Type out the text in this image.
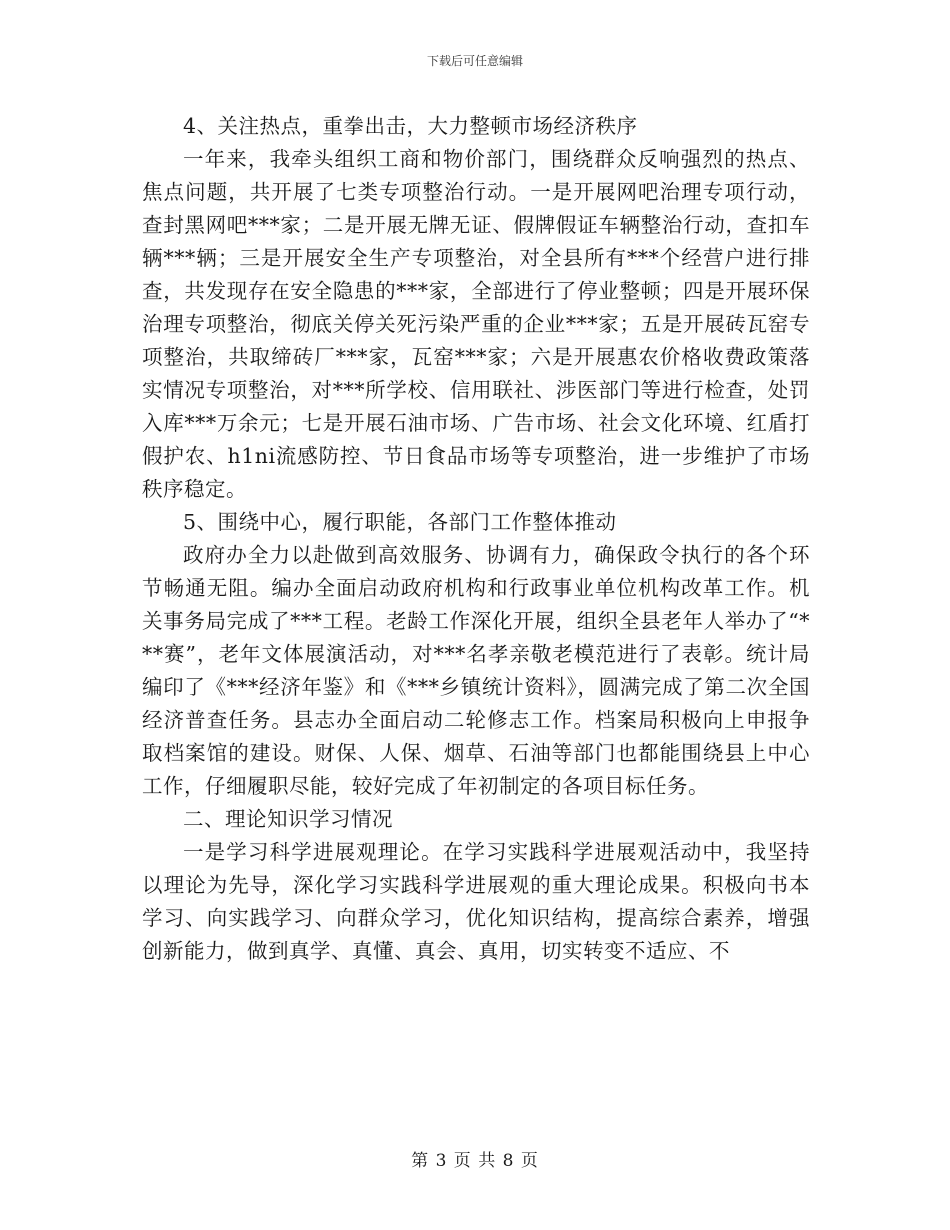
下载后可任意编辑

4、关注热点，重拳出击，大力整顿市场经济秩序

一年来，我牵头组织工商和物价部门，围绕群众反响强烈的热点、焦点问题，共开展了七类专项整治行动。一是开展网吧治理专项行动，查封黑网吧***家；二是开展无牌无证、假牌假证车辆整治行动，查扣车辆***辆；三是开展安全生产专项整治，对全县所有***个经营户进行排查，共发现存在安全隐患的***家，全部进行了停业整顿；四是开展环保治理专项整治，彻底关停关死污染严重的企业***家；五是开展砖瓦窑专项整治，共取缔砖厂***家，瓦窑***家；六是开展惠农价格收费政策落实情况专项整治，对***所学校、信用联社、涉医部门等进行检查，处罚入库***万余元；七是开展石油市场、广告市场、社会文化环境、红盾打假护农、h1ni流感防控、节日食品市场等专项整治，进一步维护了市场秩序稳定。

5、围绕中心，履行职能，各部门工作整体推动

政府办全力以赴做到高效服务、协调有力，确保政令执行的各个环节畅通无阻。编办全面启动政府机构和行政事业单位机构改革工作。机关事务局完成了***工程。老龄工作深化开展，组织全县老年人举办了“***赛”，老年文体展演活动，对***名孝亲敬老模范进行了表彰。统计局编印了《***经济年鉴》和《***乡镇统计资料》，圆满完成了第二次全国经济普查任务。县志办全面启动二轮修志工作。档案局积极向上申报争取档案馆的建设。财保、人保、烟草、石油等部门也都能围绕县上中心工作，仔细履职尽能，较好完成了年初制定的各项目标任务。

二、理论知识学习情况

一是学习科学进展观理论。在学习实践科学进展观活动中，我坚持以理论为先导，深化学习实践科学进展观的重大理论成果。积极向书本学习、向实践学习、向群众学习，优化知识结构，提高综合素养，增强创新能力，做到真学、真懂、真会、真用，切实转变不适应、不

第 3 页 共 8 页
